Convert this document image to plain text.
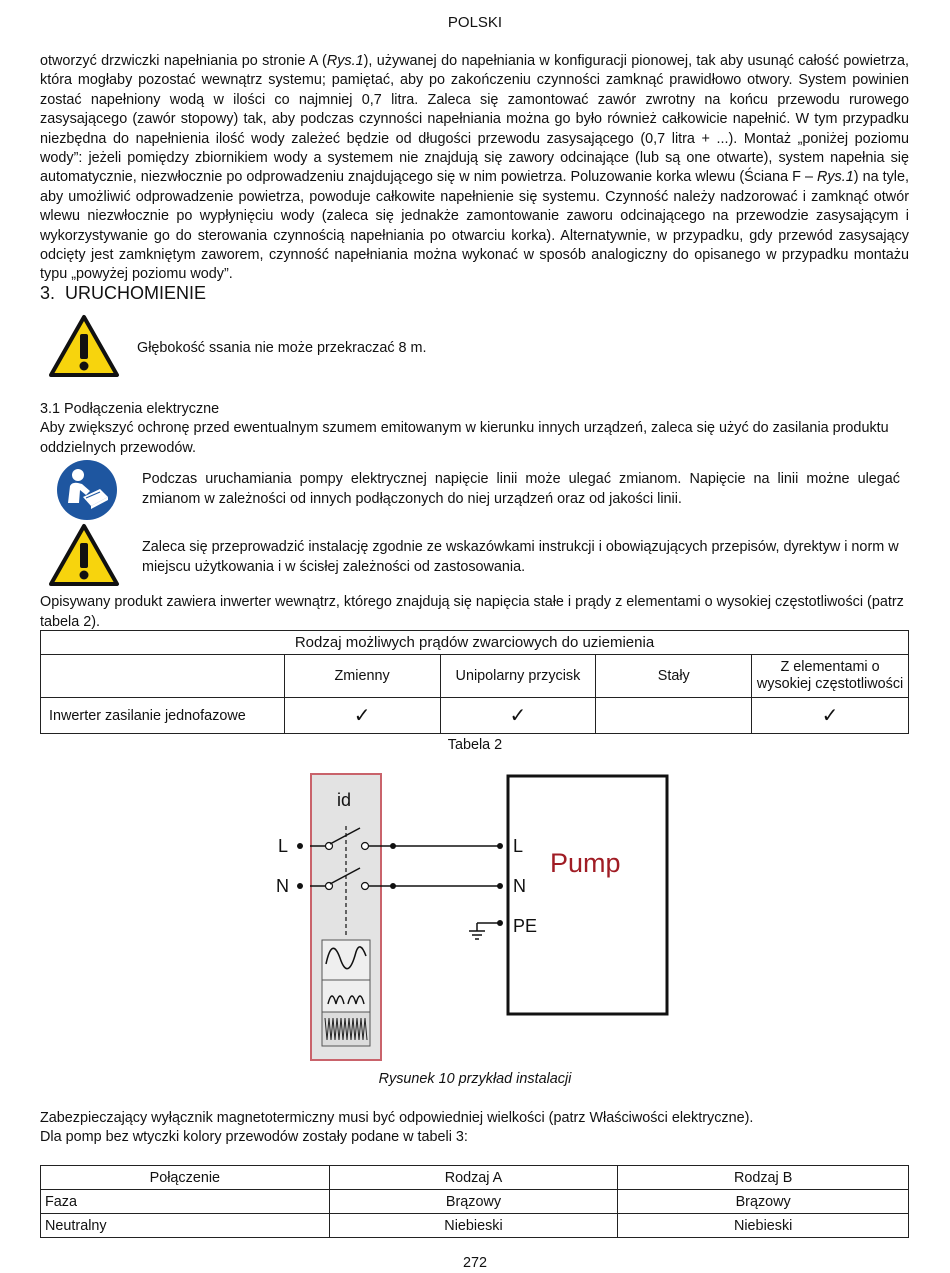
POLSKI
otworzyć drzwiczki napełniania po stronie A (Rys.1), używanej do napełniania w konfiguracji pionowej, tak aby usunąć całość powietrza, która mogłaby pozostać wewnątrz systemu; pamiętać, aby po zakończeniu czynności zamknąć prawidłowo otwory. System powinien zostać napełniony wodą w ilości co najmniej 0,7 litra. Zaleca się zamontować zawór zwrotny na końcu przewodu rurowego zasysającego (zawór stopowy) tak, aby podczas czynności napełniania można go było również całkowicie napełnić. W tym przypadku niezbędna do napełnienia ilość wody zależeć będzie od długości przewodu zasysającego (0,7 litra + ...). Montaż „poniżej poziomu wody”: jeżeli pomiędzy zbiornikiem wody a systemem nie znajdują się zawory odcinające (lub są one otwarte), system napełnia się automatycznie, niezwłocznie po odprowadzeniu znajdującego się w nim powietrza. Poluzowanie korka wlewu (Ściana F – Rys.1) na tyle, aby umożliwić odprowadzenie powietrza, powoduje całkowite napełnienie się systemu. Czynność należy nadzorować i zamknąć otwór wlewu niezwłocznie po wypłynięciu wody (zaleca się jednakże zamontowanie zaworu odcinającego na przewodzie zasysającym i wykorzystywanie go do sterowania czynnością napełniania po otwarciu korka). Alternatywnie, w przypadku, gdy przewód zasysający odcięty jest zamkniętym zaworem, czynność napełniania można wykonać w sposób analogiczny do opisanego w przypadku montażu typu „powyżej poziomu wody”.
3. URUCHOMIENIE
Głębokość ssania nie może przekraczać 8 m.
3.1 Podłączenia elektryczne
Aby zwiększyć ochronę przed ewentualnym szumem emitowanym w kierunku innych urządzeń, zaleca się użyć do zasilania produktu oddzielnych przewodów.
Podczas uruchamiania pompy elektrycznej napięcie linii może ulegać zmianom. Napięcie na linii możne ulegać zmianom w zależności od innych podłączonych do niej urządzeń oraz od jakości linii.
Zaleca się przeprowadzić instalację zgodnie ze wskazówkami instrukcji i obowiązujących przepisów, dyrektyw i norm w miejscu użytkowania i w ścisłej zależności od zastosowania.
Opisywany produkt zawiera inwerter wewnątrz, którego znajdują się napięcia stałe i prądy z elementami o wysokiej częstotliwości (patrz tabela 2).
Rodzaj możliwych prądów zwarciowych do uziemienia				
	Zmienny	Unipolarny przycisk	Stały	Z elementami o wysokiej częstotliwości
Inwerter zasilanie jednofazowe	✓	✓		✓
Tabela 2
id
L
N
L
N
PE
Pump
Rysunek 10 przykład instalacji
Zabezpieczający wyłącznik magnetotermiczny musi być odpowiedniej wielkości (patrz Właściwości elektryczne).
Dla pomp bez wtyczki kolory przewodów zostały podane w tabeli 3:
Połączenie	Rodzaj A	Rodzaj B
Faza	Brązowy	Brązowy
Neutralny	Niebieski	Niebieski
272
